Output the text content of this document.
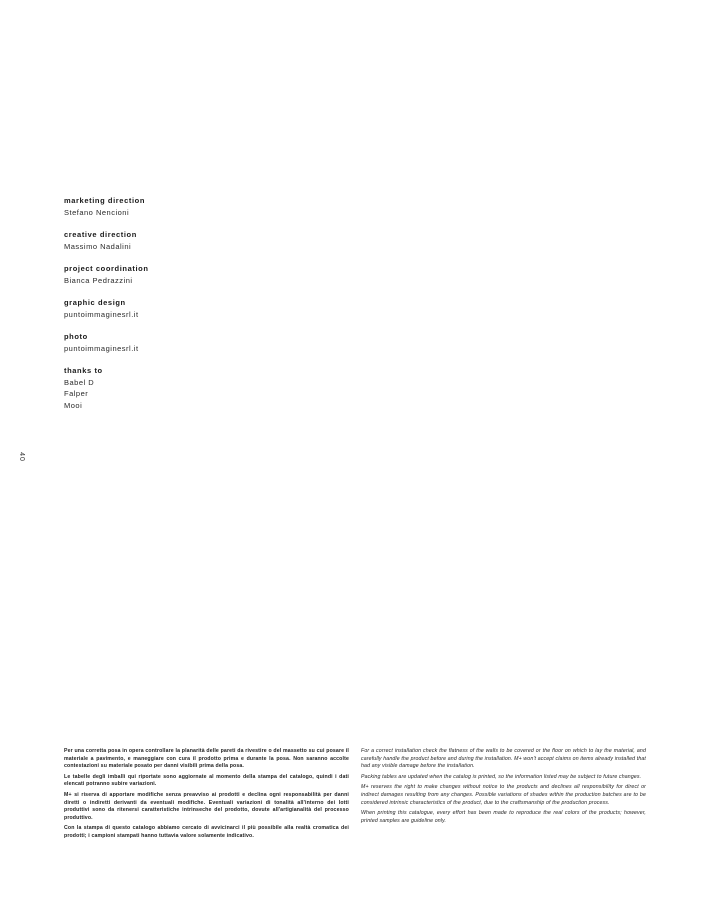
marketing direction

Stefano Nencioni

creative direction

Massimo Nadalini

project coordination

Bianca Pedrazzini

graphic design

puntoimmaginesrl.it

photo

puntoimmaginesrl.it

thanks to

Babel D

Falper

Mooi

40

Per una corretta posa in opera controllare la planarità delle pareti da rivestire o del massetto su cui posare il materiale a pavimento, e maneggiare con cura il prodotto prima e durante la posa. Non saranno accolte contestazioni su materiale posato per danni visibili prima della posa.

Le tabelle degli imballi qui riportate sono aggiornate al momento della stampa del catalogo, quindi i dati elencati potranno subire variazioni.

M+ si riserva di apportare modifiche senza preavviso ai prodotti e declina ogni responsabilità per danni diretti o indiretti derivanti da eventuali modifiche. Eventuali variazioni di tonalità all'interno dei lotti produttivi sono da ritenersi caratteristiche intrinseche del prodotto, dovute all'artigianalità del processo produttivo.

Con la stampa di questo catalogo abbiamo cercato di avvicinarci il più possibile alla realtà cromatica dei prodotti; i campioni stampati hanno tuttavia valore solamente indicativo.

For a correct installation check the flatness of the walls to be covered or the floor on which to lay the material, and carefully handle the product before and during the installation. M+ won't accept claims on items already installed that had any visible damage before the installation.

Packing tables are updated when the catalog is printed, so the information listed may be subject to future changes.

M+ reserves the right to make changes without notice to the products and declines all responsibility for direct or indirect damages resulting from any changes. Possible variations of shades within the production batches are to be considered intrinsic characteristics of the product, due to the craftsmanship of the production process.

When printing this catalogue, every effort has been made to reproduce the real colors of the products; however, printed samples are guideline only.
